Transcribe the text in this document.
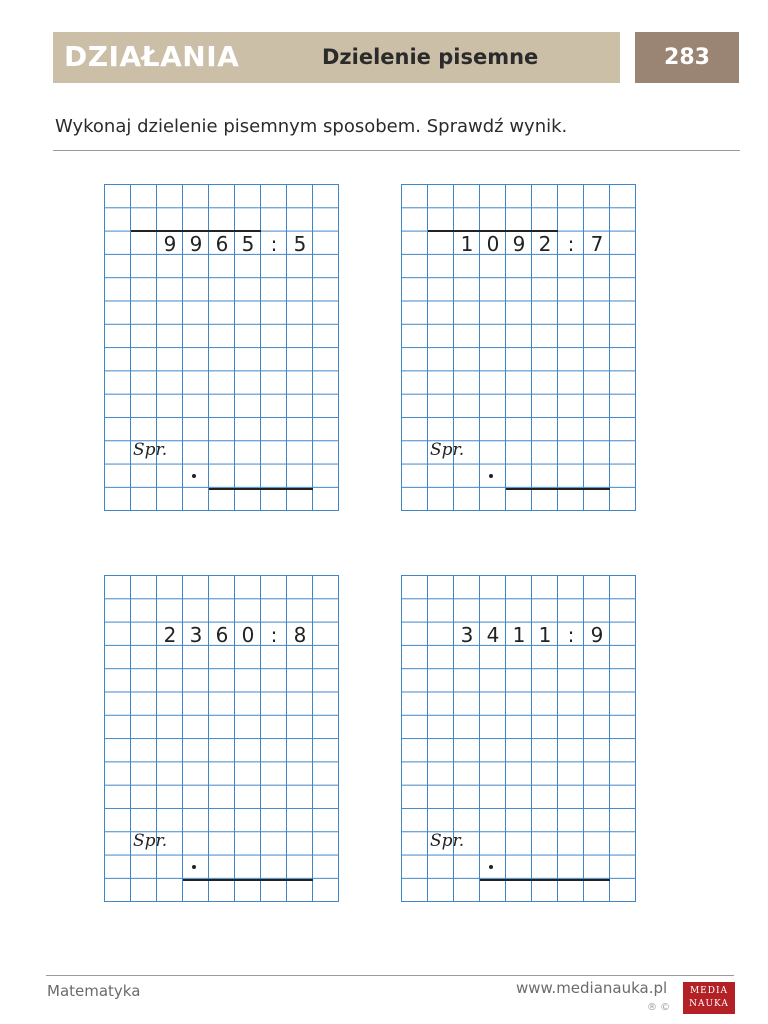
DZIAŁANIA	Dzielenie pisemne	283
Wykonaj dzielenie pisemnym sposobem. Sprawdź wynik.
9 9 6 5 : 5
Spr.
1 0 9 2 : 7
Spr.
2 3 6 0 : 8
Spr.
3 4 1 1 : 9
Spr.
Matematyka	www.medianauka.pl
® ©
MEDIA
NAUKA
